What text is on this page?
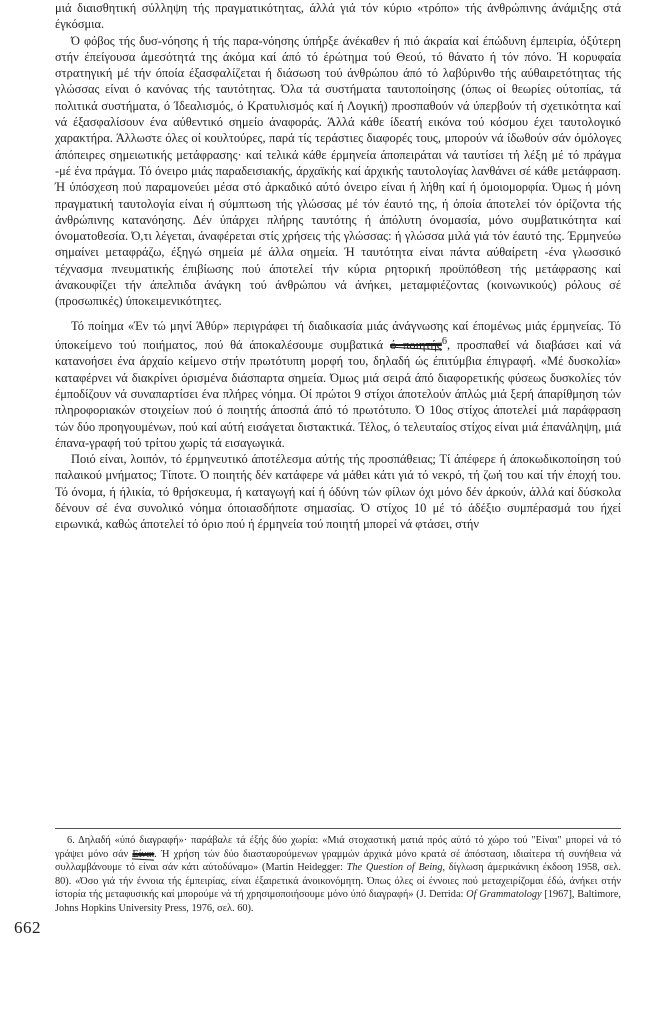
μιά διαισθητική σύλληψη τής πραγματικότητας, άλλά γιά τόν κύριο «τρόπο» τής άνθρώπινης άνάμιξης στά έγκόσμια.

Ό φόβος τής δυσ-νόησης ή τής παρα-νόησης ύπήρξε άνέκαθεν ή πιό άκραία καί έπώδυνη έμπειρία, όξύτερη στήν έπείγουσα άμεσότητά της άκόμα καί άπό τό έρώτημα τού Θεού, τό θάνατο ή τόν πόνο. Ή κορυφαία στρατηγική μέ τήν όποία έξασφαλίζεται ή διάσωση τού άνθρώπου άπό τό λαβύρινθο τής αύθαιρετότητας τής γλώσσας είναι ό κανόνας τής ταυτότητας. Όλα τά συστήματα ταυτοποίησης (όπως οί θεωρίες ούτοπίας, τά πολιτικά συστήματα, ό Ίδεαλισμός, ό Κρατυλισμός καί ή Λογική) προσπαθούν νά ύπερβούν τή σχετικότητα καί νά έξασφαλίσουν ένα αύθεντικό σημείο άναφοράς. Άλλά κάθε ίδεατή εικόνα τού κόσμου έχει ταυτολογικό χαρακτήρα. Άλλωστε όλες οί κουλτούρες, παρά τίς τεράστιες διαφορές τους, μπορούν νά ίδωθούν σάν όμόλογες άπόπειρες σημειωτικής μετάφρασης· καί τελικά κάθε έρμηνεία άποπειράται νά ταυτίσει τή λέξη μέ τό πράγμα -μέ ένα πράγμα. Τό όνειρο μιάς παραδεισιακής, άρχαϊκής καί άρχικής ταυτολογίας λανθάνει σέ κάθε μετάφραση. Ή ύπόσχεση πού παραμονεύει μέσα στό άρκαδικό αύτό όνειρο είναι ή λήθη καί ή όμοιομορφία. Όμως ή μόνη πραγματική ταυτολογία είναι ή σύμπτωση τής γλώσσας μέ τόν έαυτό της, ή όποία άποτελεί τόν όρίζοντα τής άνθρώπινης κατανόησης. Δέν ύπάρχει πλήρης ταυτότης ή άπόλυτη όνομασία, μόνο συμβατικότητα καί όνοματοθεσία. Ό,τι λέγεται, άναφέρεται στίς χρήσεις τής γλώσσας: ή γλώσσα μιλά γιά τόν έαυτό της. Έρμηνεύω σημαίνει μεταφράζω, έξηγώ σημεία μέ άλλα σημεία. Ή ταυτότητα είναι πάντα αύθαίρετη -ένα γλωσσικό τέχνασμα πνευματικής έπιβίωσης πού άποτελεί τήν κύρια ρητορική προϋπόθεση τής μετάφρασης καί άνακουφίζει τήν άπελπιδα άνάγκη τού άνθρώπου νά άνήκει, μεταμφιέζοντας (κοινωνικούς) ρόλους σέ (προσωπικές) ύποκειμενικότητες.

Τό ποίημα «Έν τώ μηνί Άθύρ» περιγράφει τή διαδικασία μιάς άνάγνωσης καί έπομένως μιάς έρμηνείας. Τό ύποκείμενο τού ποιήματος, πού θά άποκαλέσουμε συμβατικά ό ποιητής$^6$, προσπαθεί νά διαβάσει καί νά κατανοήσει ένα άρχαίο κείμενο στήν πρωτότυπη μορφή του, δηλαδή ώς έπιτύμβια έπιγραφή. «Μέ δυσκολία» καταφέρνει νά διακρίνει όρισμένα διάσπαρτα σημεία. Όμως μιά σειρά άπό διαφορετικής φύσεως δυσκολίες τόν έμποδίζουν νά συναπαρτίσει ένα πλήρες νόημα. Οί πρώτοι 9 στίχοι άποτελούν άπλώς μιά ξερή άπαρίθμηση τών πληροφοριακών στοιχείων πού ό ποιητής άποσπά άπό τό πρωτότυπο. Ό 10ος στίχος άποτελεί μιά παράφραση τών δύο προηγουμένων, πού καί αύτή εισάγεται διστακτικά. Τέλος, ό τελευταίος στίχος είναι μιά έπανάληψη, μιά έπανα-γραφή τού τρίτου χωρίς τά εισαγωγικά.

Ποιό είναι, λοιπόν, τό έρμηνευτικό άποτέλεσμα αύτής τής προσπάθειας; Τί άπέφερε ή άποκωδικοποίηση τού παλαικού μνήματος; Τίποτε. Ό ποιητής δέν κατάφερε νά μάθει κάτι γιά τό νεκρό, τή ζωή του καί τήν έποχή του. Τό όνομα, ή ήλικία, τό θρήσκευμα, ή καταγωγή καί ή όδύνη τών φίλων όχι μόνο δέν άρκούν, άλλά καί δύσκολα δένουν σέ ένα συνολικό νόημα όποιασδήποτε σημασίας. Ό στίχος 10 μέ τό άδέξιο συμπέρασμά του ήχεί ειρωνικά, καθώς άποτελεί τό όριο πού ή έρμηνεία τού ποιητή μπορεί νά φτάσει, στήν

6. Δηλαδή «ύπό διαγραφή»· παράβαλε τά έξής δύο χωρία: «Μιά στοχαστική ματιά πρός αύτό τό χώρο τού "Είναι" μπορεί νά τό γράψει μόνο σάν Είναι. Ή χρήση τών δύο διασταυρούμενων γραμμών άρχικά μόνο κρατά σέ άπόσταση, ιδιαίτερα τή συνήθεια νά συλλαμβάνουμε τό είναι σάν κάτι αύτοδύναμο» (Martin Heidegger: The Question of Being, δίγλωση άμερικάνικη έκδοση 1958, σελ. 80). «Όσο γιά τήν έννοια τής έμπειρίας, είναι έξαιρετικά άνοικονόμητη. Όπως όλες οί έννοιες πού μεταχειρίζομαι έδώ, άνήκει στήν ίστορία τής μεταφυσικής καί μπορούμε νά τή χρησιμοποιήσουμε μόνο ύπό διαγραφή» (J. Derrida: Of Grammatology [1967], Baltimore, Johns Hopkins University Press, 1976, σελ. 60).

662
